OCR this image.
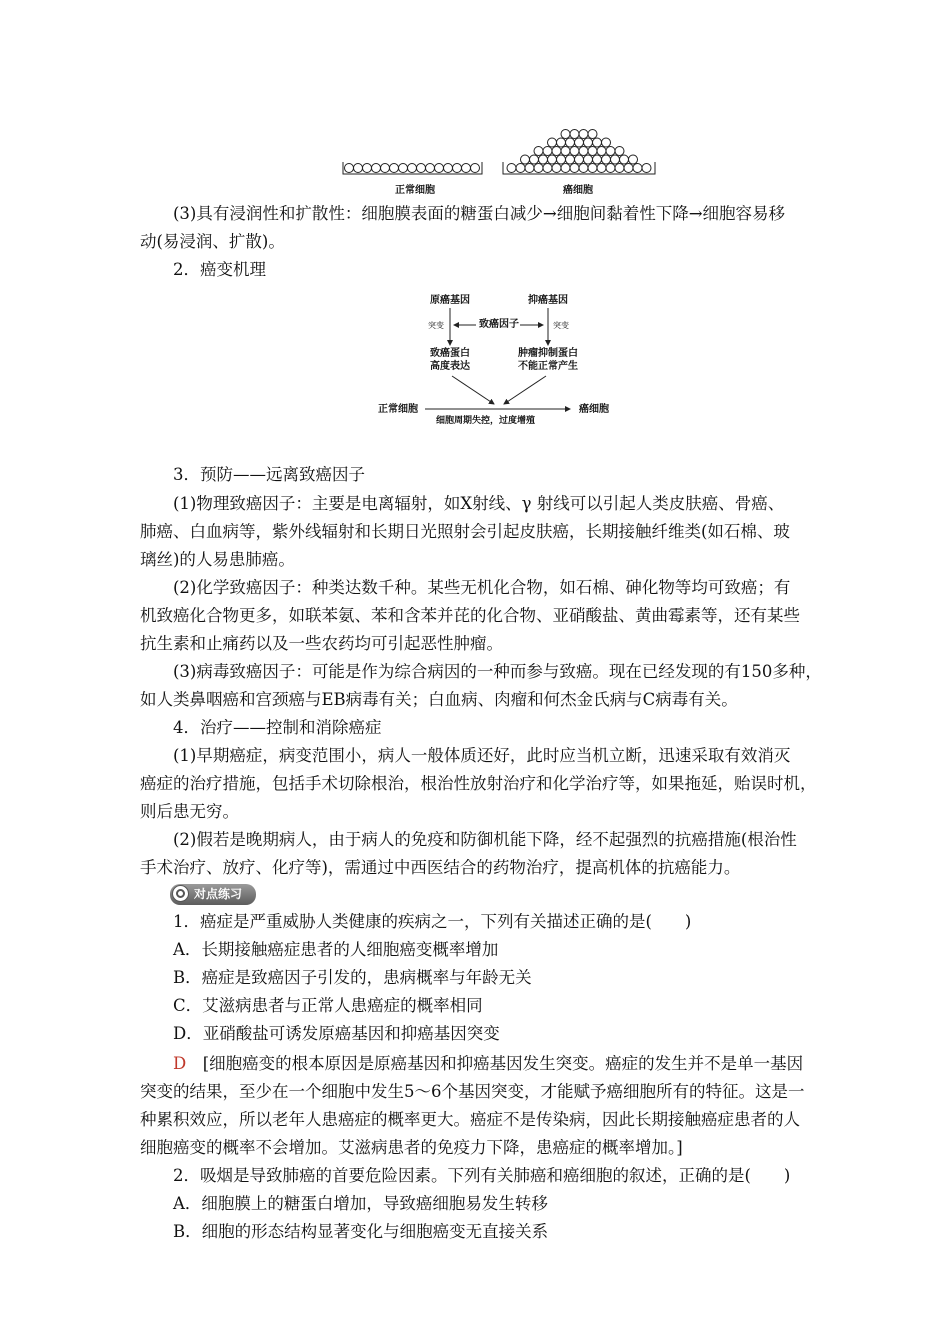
正常细胞	癌细胞
(3)具有浸润性和扩散性：细胞膜表面的糖蛋白减少→细胞间黏着性下降→细胞容易移
动(易浸润、扩散)。
2．癌变机理
原癌基因	抑癌基因
突变	突变
致癌因子
致癌蛋白
高度表达
肿瘤抑制蛋白
不能正常产生
正常细胞	癌细胞
细胞周期失控，过度增殖
3．预防——远离致癌因子
(1)物理致癌因子：主要是电离辐射，如X射线、γ 射线可以引起人类皮肤癌、骨癌、
肺癌、白血病等，紫外线辐射和长期日光照射会引起皮肤癌，长期接触纤维类(如石棉、玻
璃丝)的人易患肺癌。
(2)化学致癌因子：种类达数千种。某些无机化合物，如石棉、砷化物等均可致癌；有
机致癌化合物更多，如联苯氨、苯和含苯并芘的化合物、亚硝酸盐、黄曲霉素等，还有某些
抗生素和止痛药以及一些农药均可引起恶性肿瘤。
(3)病毒致癌因子：可能是作为综合病因的一种而参与致癌。现在已经发现的有150多种，
如人类鼻咽癌和宫颈癌与EB病毒有关；白血病、肉瘤和何杰金氏病与C病毒有关。
4．治疗——控制和消除癌症
(1)早期癌症，病变范围小，病人一般体质还好，此时应当机立断，迅速采取有效消灭
癌症的治疗措施，包括手术切除根治，根治性放射治疗和化学治疗等，如果拖延，贻误时机，
则后患无穷。
(2)假若是晚期病人，由于病人的免疫和防御机能下降，经不起强烈的抗癌措施(根治性
手术治疗、放疗、化疗等)，需通过中西医结合的药物治疗，提高机体的抗癌能力。
对点练习
1．癌症是严重威胁人类健康的疾病之一，下列有关描述正确的是(　　)
A．长期接触癌症患者的人细胞癌变概率增加
B．癌症是致癌因子引发的，患病概率与年龄无关
C．艾滋病患者与正常人患癌症的概率相同
D．亚硝酸盐可诱发原癌基因和抑癌基因突变
D　 [细胞癌变的根本原因是原癌基因和抑癌基因发生突变。癌症的发生并不是单一基因
突变的结果，至少在一个细胞中发生5～6个基因突变，才能赋予癌细胞所有的特征。这是一
种累积效应，所以老年人患癌症的概率更大。癌症不是传染病，因此长期接触癌症患者的人
细胞癌变的概率不会增加。艾滋病患者的免疫力下降，患癌症的概率增加。]
2．吸烟是导致肺癌的首要危险因素。下列有关肺癌和癌细胞的叙述，正确的是(　　)
A．细胞膜上的糖蛋白增加，导致癌细胞易发生转移
B．细胞的形态结构显著变化与细胞癌变无直接关系
